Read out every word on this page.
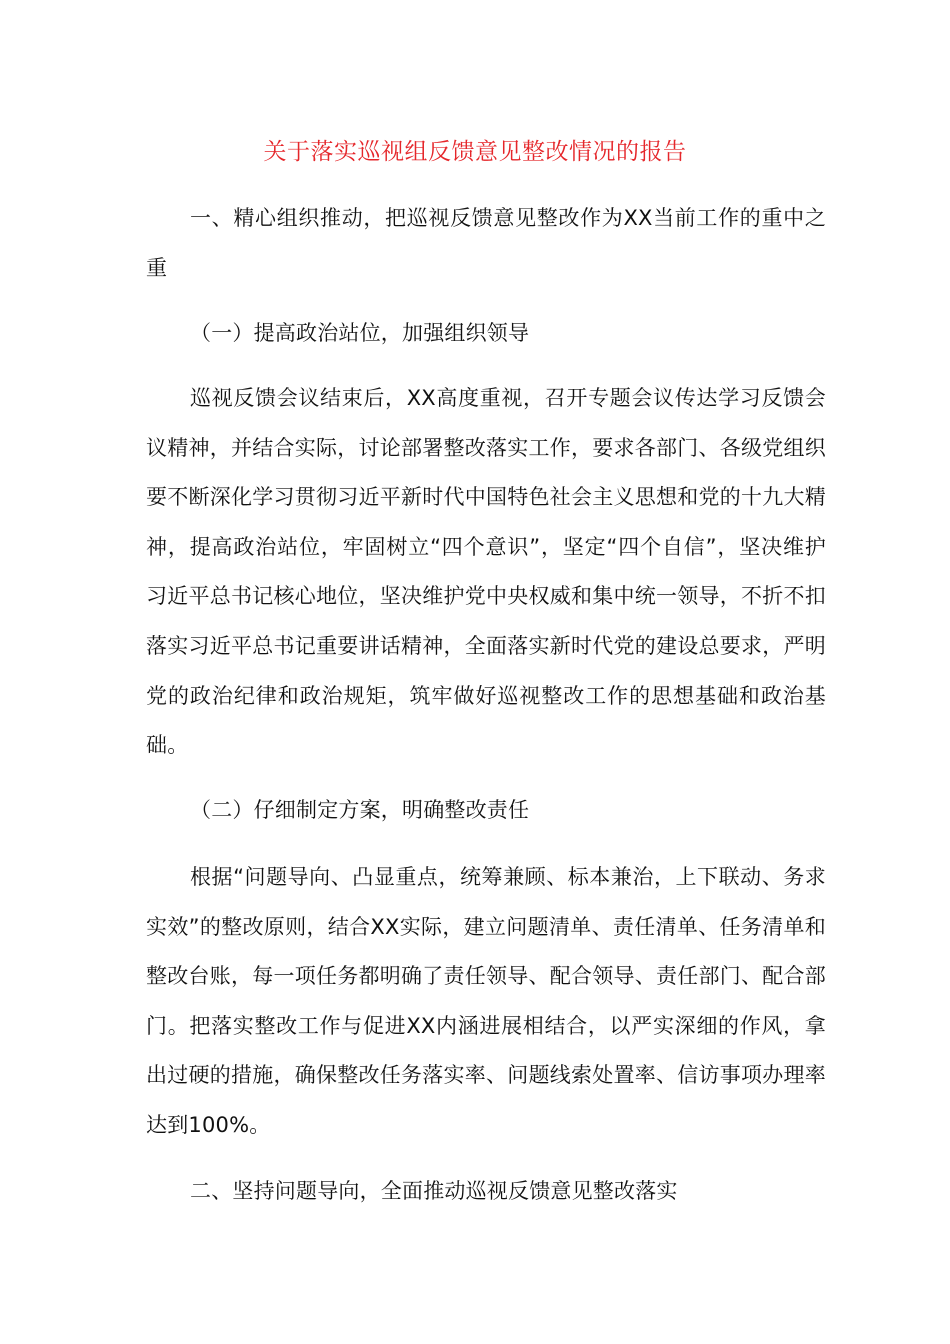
关于落实巡视组反馈意见整改情况的报告
一、精心组织推动，把巡视反馈意见整改作为XX当前工作的重中之重
（一）提高政治站位，加强组织领导
巡视反馈会议结束后，XX高度重视，召开专题会议传达学习反馈会议精神，并结合实际，讨论部署整改落实工作，要求各部门、各级党组织要不断深化学习贯彻习近平新时代中国特色社会主义思想和党的十九大精神，提高政治站位，牢固树立“四个意识”，坚定“四个自信”，坚决维护习近平总书记核心地位，坚决维护党中央权威和集中统一领导，不折不扣落实习近平总书记重要讲话精神，全面落实新时代党的建设总要求，严明党的政治纪律和政治规矩，筑牢做好巡视整改工作的思想基础和政治基础。
（二）仔细制定方案，明确整改责任
根据“问题导向、凸显重点，统筹兼顾、标本兼治，上下联动、务求实效”的整改原则，结合XX实际，建立问题清单、责任清单、任务清单和整改台账，每一项任务都明确了责任领导、配合领导、责任部门、配合部门。把落实整改工作与促进XX内涵进展相结合，以严实深细的作风，拿出过硬的措施，确保整改任务落实率、问题线索处置率、信访事项办理率达到100%。
二、坚持问题导向，全面推动巡视反馈意见整改落实
